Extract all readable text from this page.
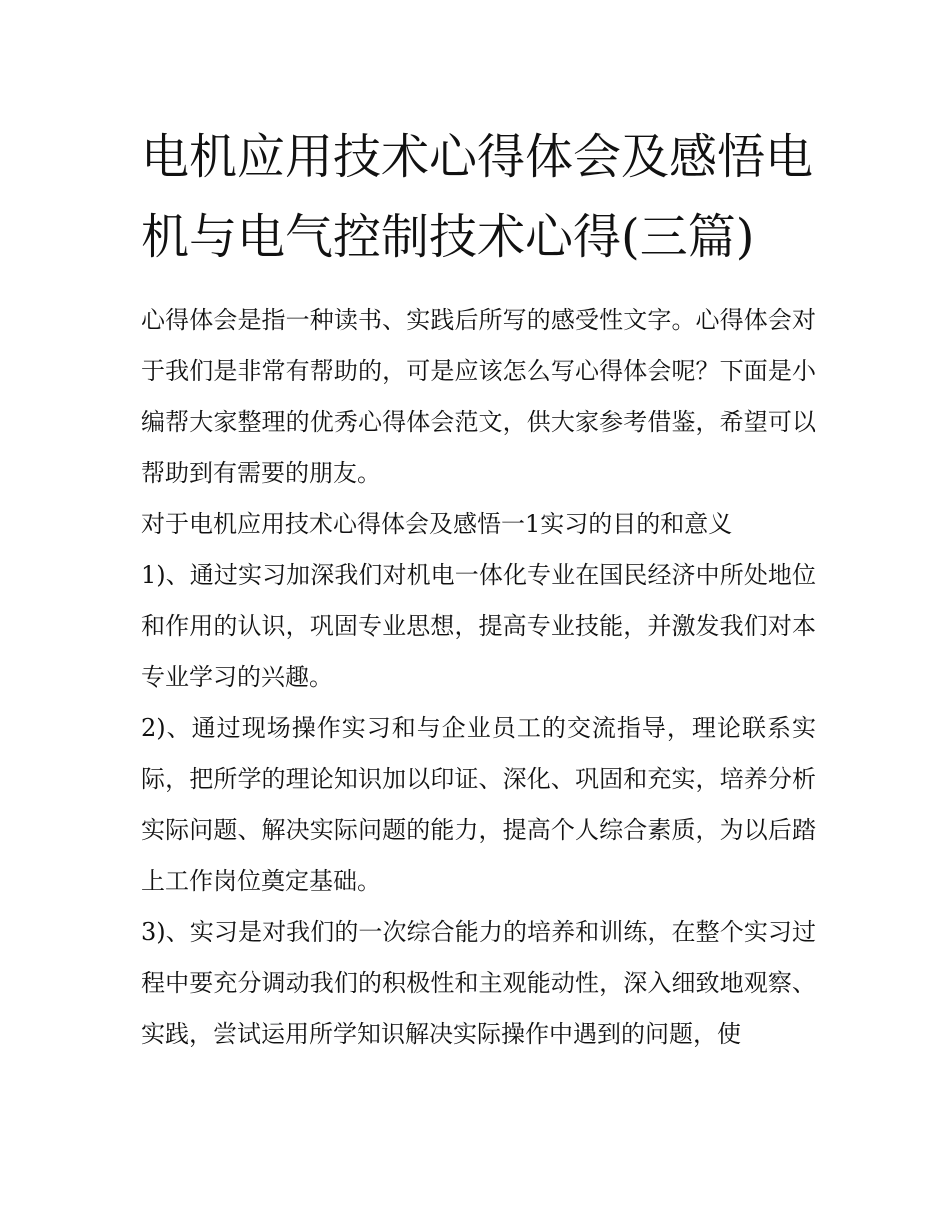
电机应用技术心得体会及感悟电机与电气控制技术心得(三篇)

心得体会是指一种读书、实践后所写的感受性文字。心得体会对于我们是非常有帮助的，可是应该怎么写心得体会呢？下面是小编帮大家整理的优秀心得体会范文，供大家参考借鉴，希望可以帮助到有需要的朋友。

对于电机应用技术心得体会及感悟一1实习的目的和意义

1)、通过实习加深我们对机电一体化专业在国民经济中所处地位和作用的认识，巩固专业思想，提高专业技能，并激发我们对本专业学习的兴趣。

2)、通过现场操作实习和与企业员工的交流指导，理论联系实际，把所学的理论知识加以印证、深化、巩固和充实，培养分析实际问题、解决实际问题的能力，提高个人综合素质，为以后踏上工作岗位奠定基础。

3)、实习是对我们的一次综合能力的培养和训练，在整个实习过程中要充分调动我们的积极性和主观能动性，深入细致地观察、实践，尝试运用所学知识解决实际操作中遇到的问题，使
